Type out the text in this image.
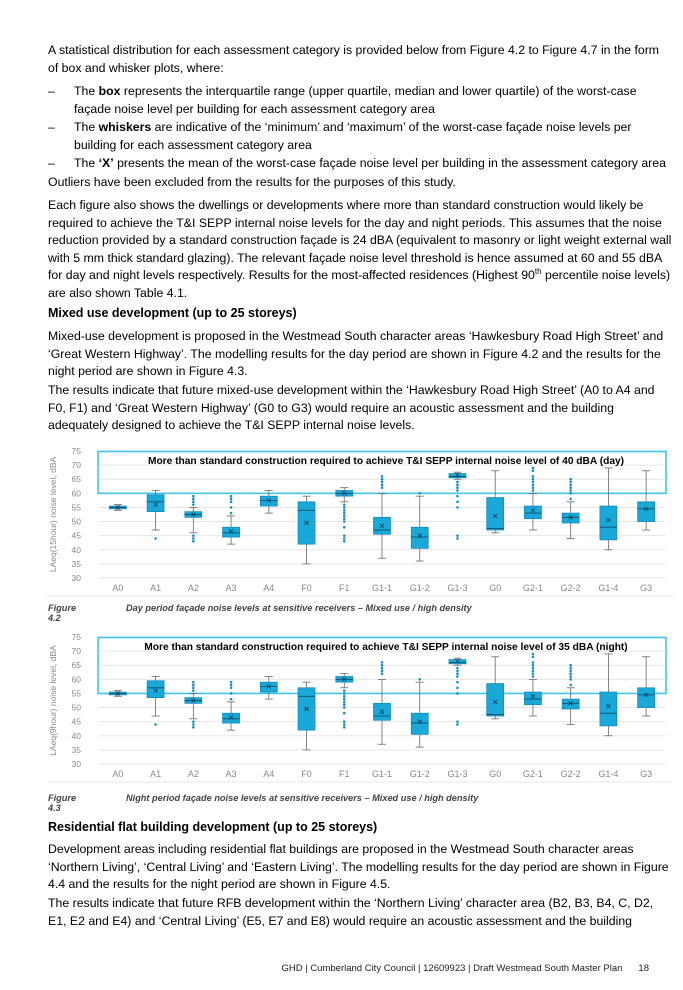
A statistical distribution for each assessment category is provided below from Figure 4.2 to Figure 4.7 in the form of box and whisker plots, where:

– The box represents the interquartile range (upper quartile, median and lower quartile) of the worst-case façade noise level per building for each assessment category area
– The whiskers are indicative of the ‘minimum’ and ‘maximum’ of the worst-case façade noise levels per building for each assessment category area
– The ‘X’ presents the mean of the worst-case façade noise level per building in the assessment category area

Outliers have been excluded from the results for the purposes of this study.

Each figure also shows the dwellings or developments where more than standard construction would likely be required to achieve the T&I SEPP internal noise levels for the day and night periods. This assumes that the noise reduction provided by a standard construction façade is 24 dBA (equivalent to masonry or light weight external wall with 5 mm thick standard glazing). The relevant façade noise level threshold is hence assumed at 60 and 55 dBA for day and night levels respectively. Results for the most-affected residences (Highest 90th percentile noise levels) are also shown Table 4.1.

Mixed use development (up to 25 storeys)

Mixed-use development is proposed in the Westmead South character areas ‘Hawkesbury Road High Street’ and ‘Great Western Highway’. The modelling results for the day period are shown in Figure 4.2 and the results for the night period are shown in Figure 4.3.

The results indicate that future mixed-use development within the ‘Hawkesbury Road High Street’ (A0 to A4 and F0, F1) and ‘Great Western Highway’ (G0 to G3) would require an acoustic assessment and the building adequately designed to achieve the T&I SEPP internal noise levels.

30
35
40
45
50
55
60
65
70
75
LAeq(15hour) noise level, dBA	More than standard construction required to achieve T&I SEPP internal noise level of 40 dBA (day)
A0	A1	A2	A3	A4	F0	F1 G1-1 G1-2 G1-3 G0 G2-1 G2-2 G1-4 G3
Figure 4.2
Day period façade noise levels at sensitive receivers – Mixed use / high density
30
35
40
45
50
55
60
65
70
75
LAeq(9hour) noise level, dBA	More than standard construction required to achieve T&I SEPP internal noise level of 35 dBA (night)
A0	A1	A2	A3	A4	F0	F1 G1-1 G1-2 G1-3 G0 G2-1 G2-2 G1-4 G3
Figure 4.3
Night period façade noise levels at sensitive receivers – Mixed use / high density
Residential flat building development (up to 25 storeys)

Development areas including residential flat buildings are proposed in the Westmead South character areas ‘Northern Living’, ‘Central Living’ and ‘Eastern Living’. The modelling results for the day period are shown in Figure 4.4 and the results for the night period are shown in Figure 4.5.

The results indicate that future RFB development within the ‘Northern Living’ character area (B2, B3, B4, C, D2, E1, E2 and E4) and ‘Central Living’ (E5, E7 and E8) would require an acoustic assessment and the building

GHD | Cumberland City Council | 12609923 | Draft Westmead South Master Plan 18
